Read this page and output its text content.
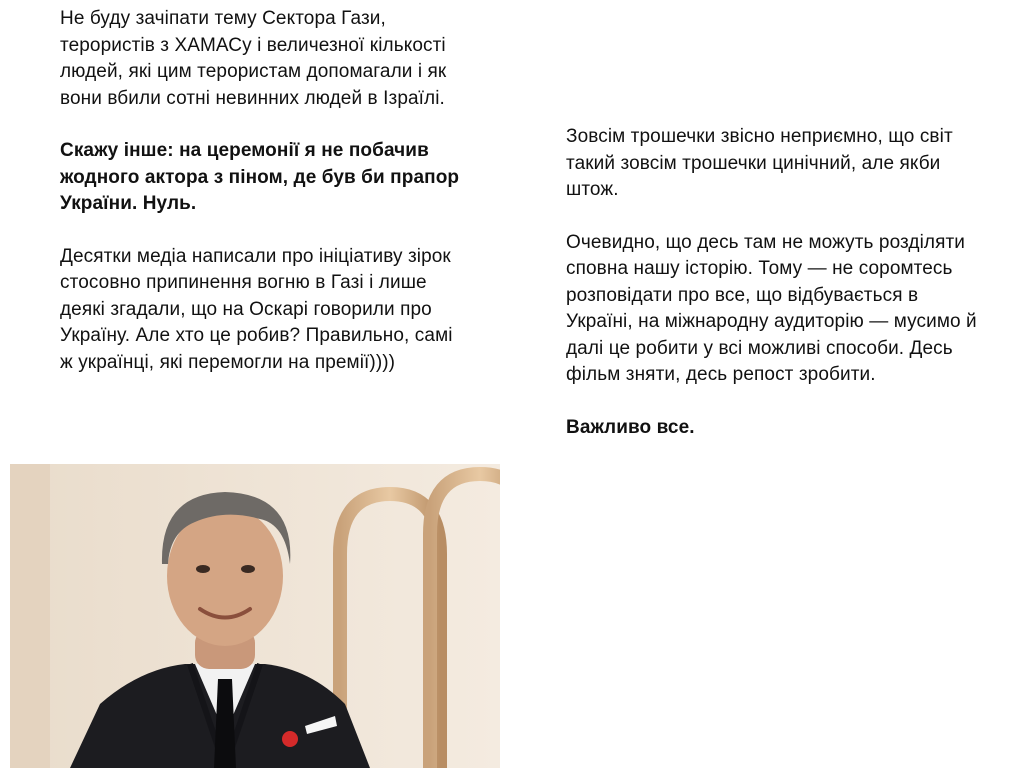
Не буду зачіпати тему Сектора Гази, терористів з ХАМАСу і величезної кількості людей, які цим терористам допомагали і як вони вбили сотні невинних людей в Ізраїлі.

Скажу інше: на церемонії я не побачив жодного актора з піном, де був би прапор України. Нуль.

Десятки медіа написали про ініціативу зірок стосовно припинення вогню в Газі і лише деякі згадали, що на Оскарі говорили про Україну. Але хто це робив? Правильно, самі ж українці, які перемогли на премії))))

Зовсім трошечки звісно неприємно, що світ такий зовсім трошечки цинічний, але якби штож.

Очевидно, що десь там не можуть розділяти сповна нашу історію. Тому — не соромтесь розповідати про все, що відбувається в Україні, на міжнародну аудиторію — мусимо й далі це робити у всі можливі способи. Десь фільм зняти, десь репост зробити.

Важливо все.
